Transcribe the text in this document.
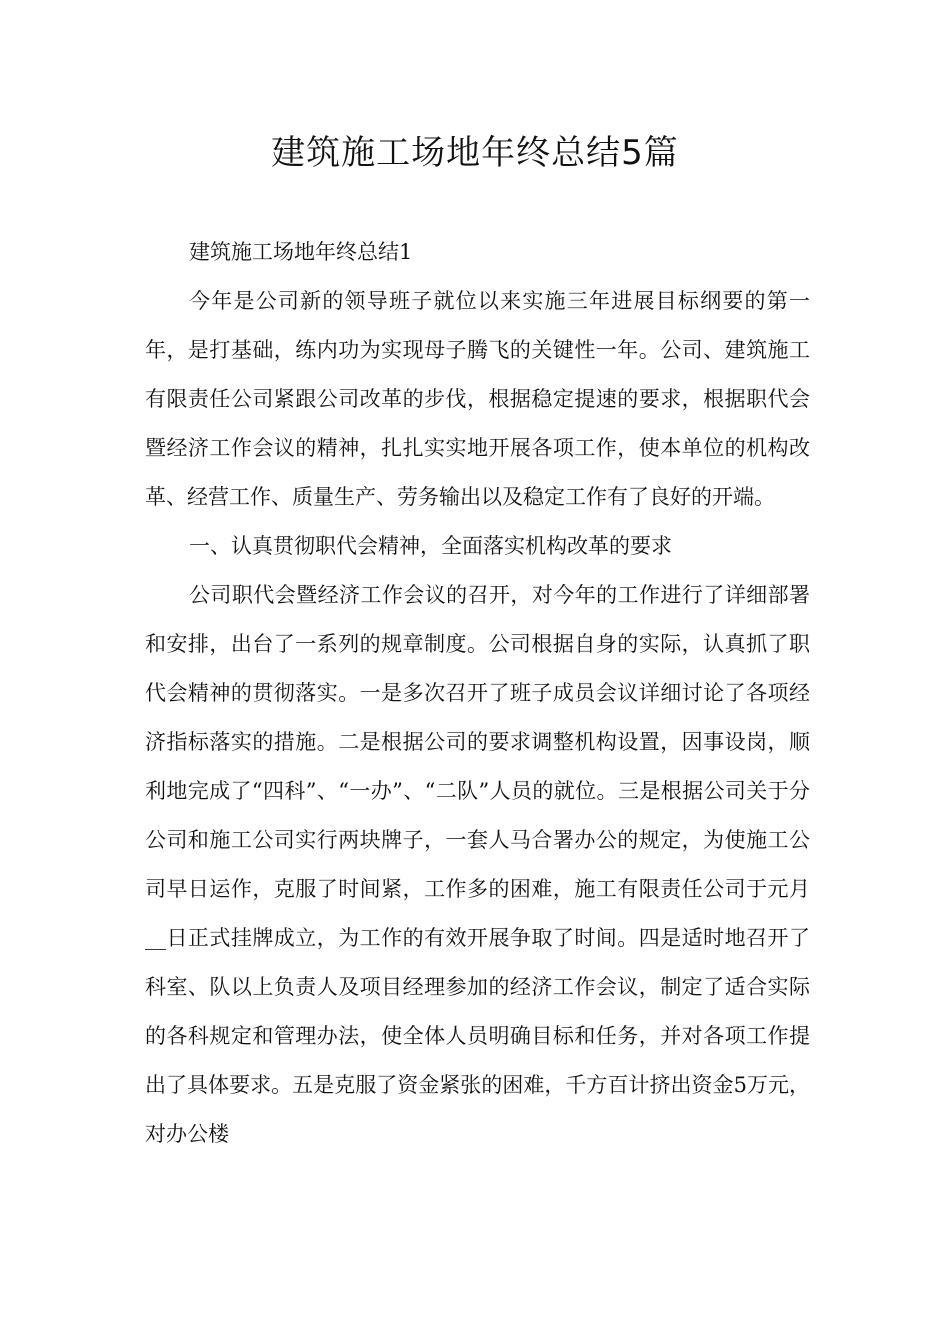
建筑施工场地年终总结5篇

建筑施工场地年终总结1

今年是公司新的领导班子就位以来实施三年进展目标纲要的第一年，是打基础，练内功为实现母子腾飞的关键性一年。公司、建筑施工有限责任公司紧跟公司改革的步伐，根据稳定提速的要求，根据职代会暨经济工作会议的精神，扎扎实实地开展各项工作，使本单位的机构改革、经营工作、质量生产、劳务输出以及稳定工作有了良好的开端。

一、认真贯彻职代会精神，全面落实机构改革的要求

公司职代会暨经济工作会议的召开，对今年的工作进行了详细部署和安排，出台了一系列的规章制度。公司根据自身的实际，认真抓了职代会精神的贯彻落实。一是多次召开了班子成员会议详细讨论了各项经济指标落实的措施。二是根据公司的要求调整机构设置，因事设岗，顺利地完成了“四科”、“一办”、“二队”人员的就位。三是根据公司关于分公司和施工公司实行两块牌子，一套人马合署办公的规定，为使施工公司早日运作，克服了时间紧，工作多的困难，施工有限责任公司于元月__日正式挂牌成立，为工作的有效开展争取了时间。四是适时地召开了科室、队以上负责人及项目经理参加的经济工作会议，制定了适合实际的各科规定和管理办法，使全体人员明确目标和任务，并对各项工作提出了具体要求。五是克服了资金紧张的困难，千方百计挤出资金5万元，对办公楼
